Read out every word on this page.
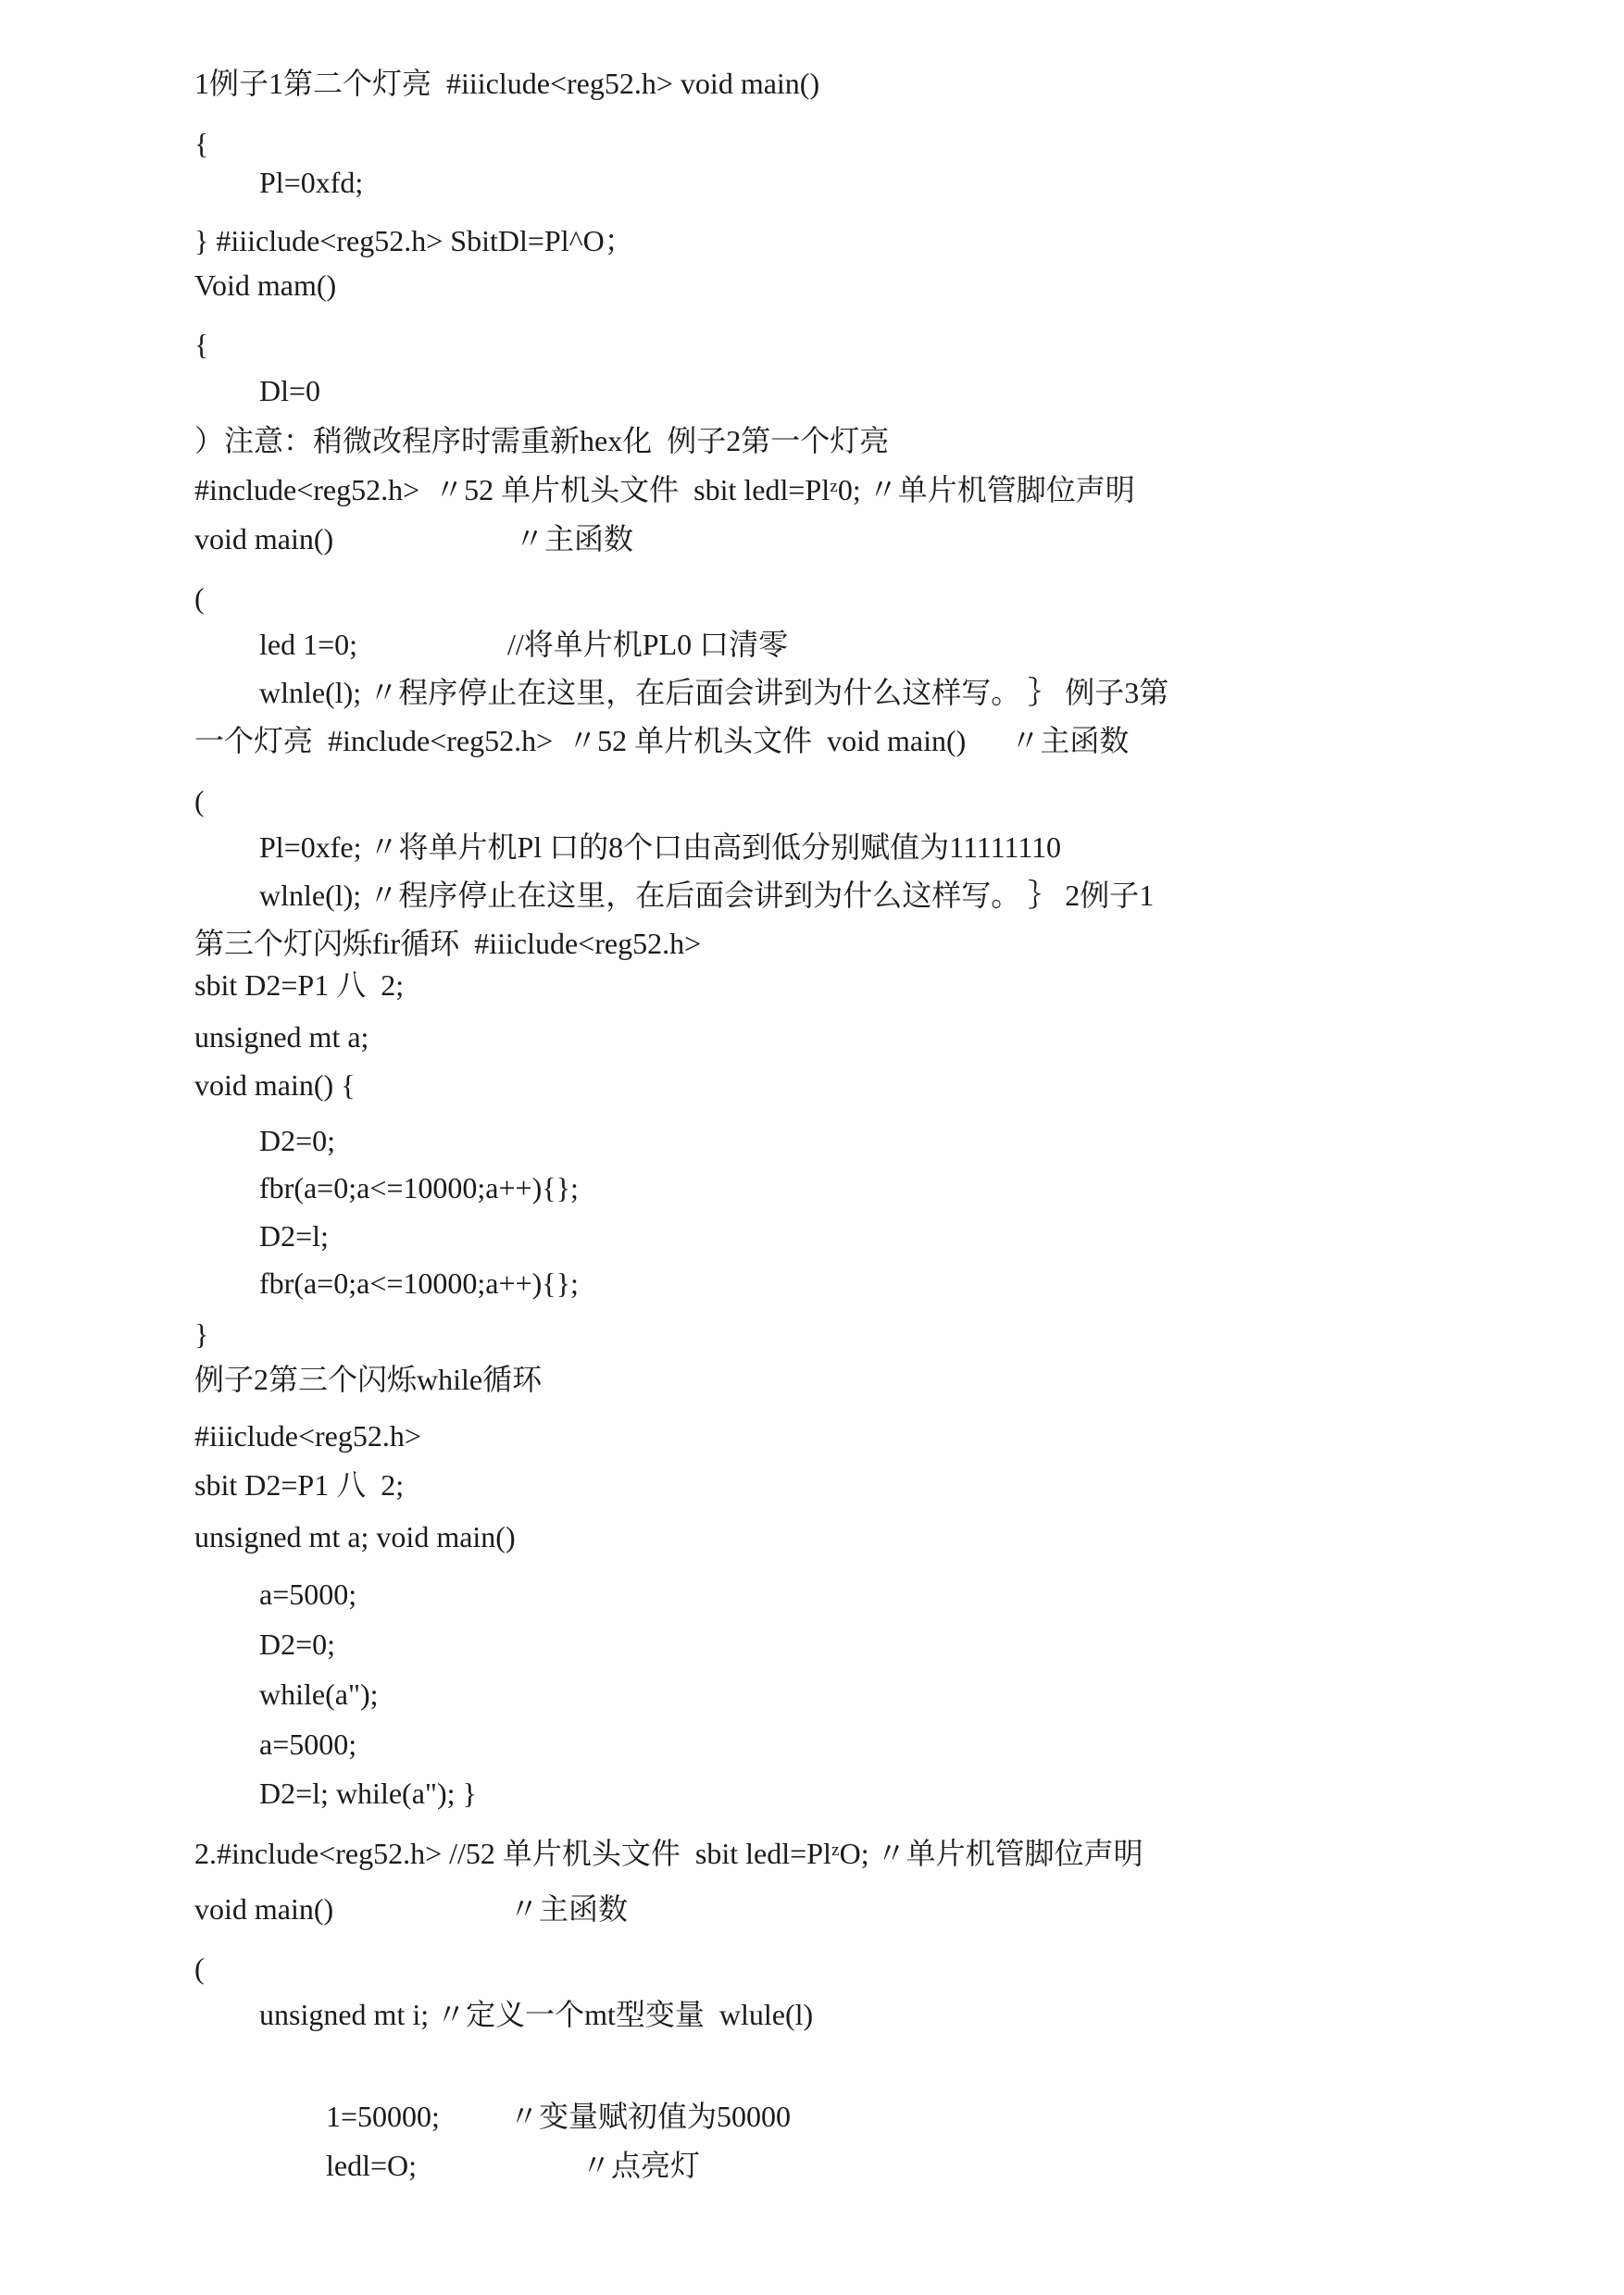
1例子1第二个灯亮  #iiiclude<reg52.h> void main()
{
Pl=0xfd;
} #iiiclude<reg52.h> SbitDl=Pl^O；
Void mam()
{
Dl=0
）注意：稍微改程序时需重新hex化  例子2第一个灯亮
#include<reg52.h>  〃52 单片机头文件  sbit ledl=Plᶻ0; 〃单片机管脚位声明
void main()	〃主函数
(
led 1=0;	//将单片机PL0 口清零
wlnle(l); 〃程序停止在这里，在后面会讲到为什么这样写。 ｝ 例子3第
一个灯亮  #include<reg52.h>  〃52 单片机头文件  void main()      〃主函数
(
Pl=0xfe; 〃将单片机Pl 口的8个口由高到低分别赋值为11111110
wlnle(l); 〃程序停止在这里，在后面会讲到为什么这样写。 ｝ 2例子1
第三个灯闪烁fir循环  #iiiclude<reg52.h>
sbit D2=P1 八  2;
unsigned mt a;
void main() {
D2=0;
fbr(a=0;a<=10000;a++){};
D2=l;
fbr(a=0;a<=10000;a++){};
}
例子2第三个闪烁while循环
#iiiclude<reg52.h>
sbit D2=P1 八  2;
unsigned mt a; void main()
a=5000;
D2=0;
while(a");
a=5000;
D2=l; while(a"); }
2.#include<reg52.h> //52 单片机头文件  sbit ledl=PlᶻO; 〃单片机管脚位声明
void main()	〃主函数
(
unsigned mt i; 〃定义一个mt型变量  wlule(l)
1=50000; 〃变量赋初值为50000
ledl=O;	〃点亮灯
